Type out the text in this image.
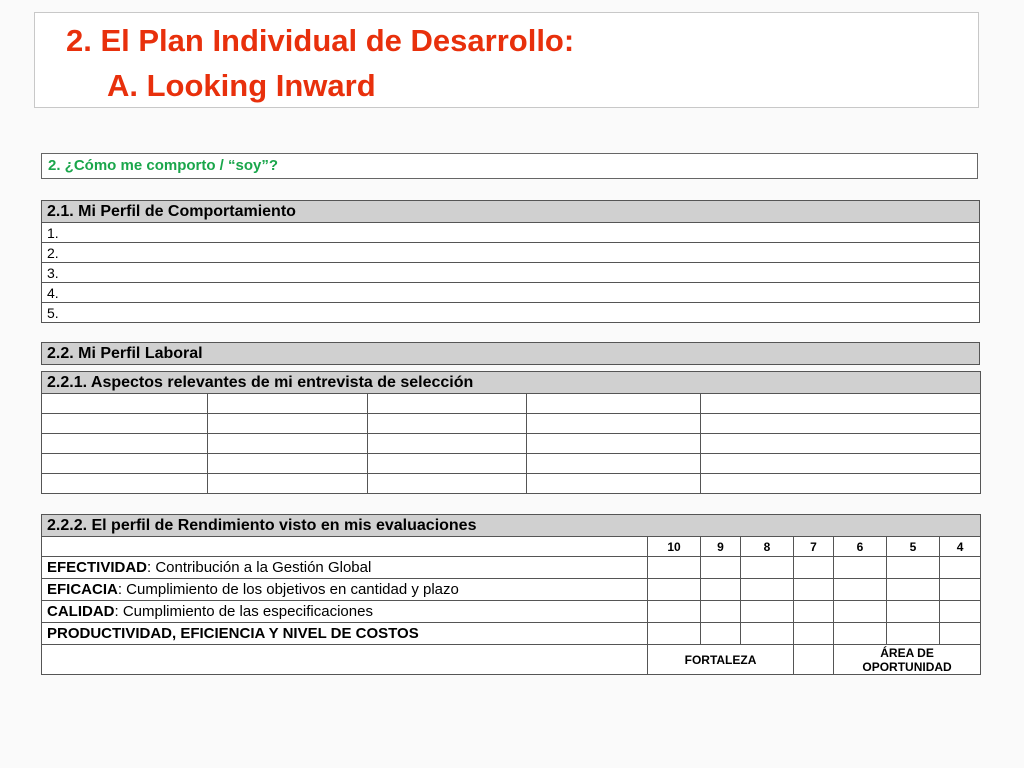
2. El Plan Individual de Desarrollo:
A. Looking Inward
2. ¿Cómo me comporto / “soy”?
2.1. Mi Perfil de Comportamiento
1.
2.
3.
4.
5.
2.2. Mi Perfil Laboral
2.2.1. Aspectos relevantes de mi entrevista de selección				

2.2.2. El perfil de Rendimiento visto en mis evaluaciones							
	10	9	8	7	6	5	4
EFECTIVIDAD: Contribución a la Gestión Global							
EFICACIA: Cumplimiento de los objetivos en cantidad y plazo							
CALIDAD: Cumplimiento de las especificaciones							
PRODUCTIVIDAD, EFICIENCIA Y NIVEL DE COSTOS							
	FORTALEZA				ÁREA DE OPORTUNIDAD		
